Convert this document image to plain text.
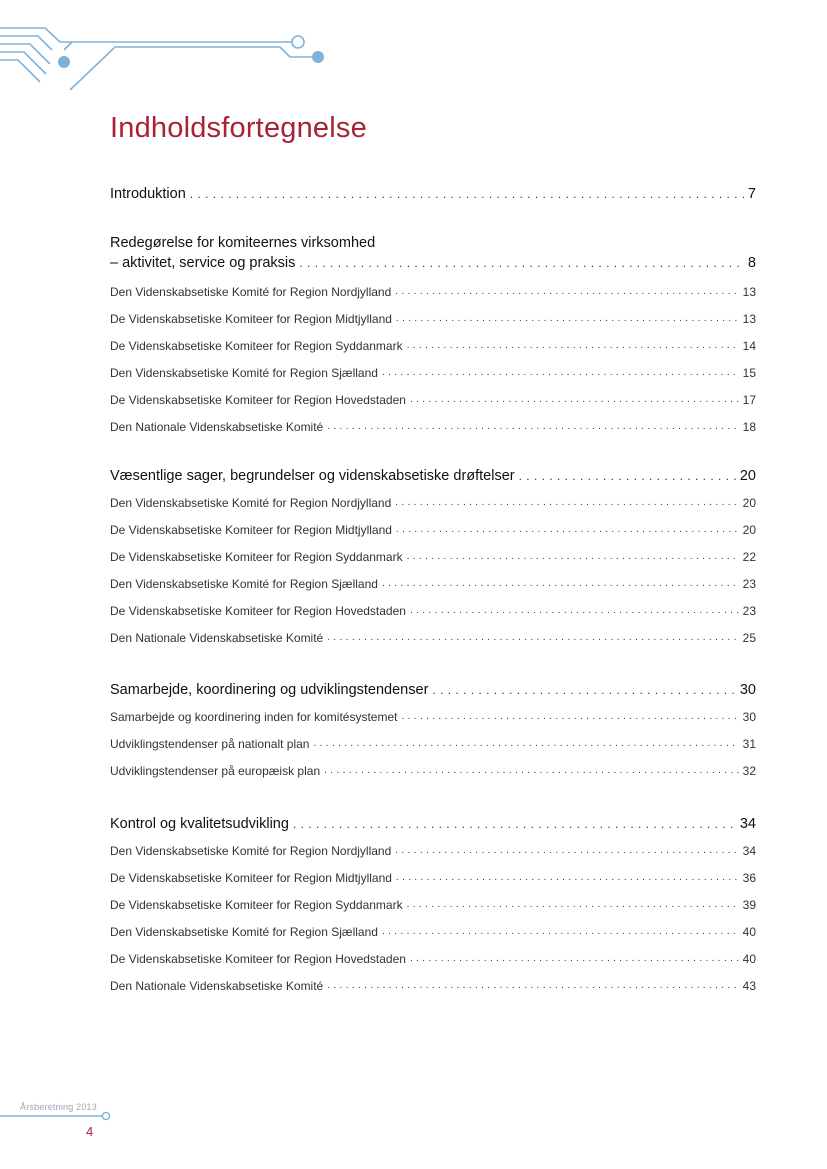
Indholdsfortegnelse
Introduktion . . .	7
Redegørelse for komiteernes virksomhed
– aktivitet, service og praksis . . .	8
Den Videnskabsetiske Komité for Region Nordjylland . . .	13
De Videnskabsetiske Komiteer for Region Midtjylland . . .	13
De Videnskabsetiske Komiteer for Region Syddanmark . . .	14
Den Videnskabsetiske Komité for Region Sjælland . . .	15
De Videnskabsetiske Komiteer for Region Hovedstaden . . .	17
Den Nationale Videnskabsetiske Komité . . .	18
Væsentlige sager, begrundelser og videnskabsetiske drøftelser . . .	20
Den Videnskabsetiske Komité for Region Nordjylland . . .	20
De Videnskabsetiske Komiteer for Region Midtjylland . . .	20
De Videnskabsetiske Komiteer for Region Syddanmark . . .	22
Den Videnskabsetiske Komité for Region Sjælland . . .	23
De Videnskabsetiske Komiteer for Region Hovedstaden . . .	23
Den Nationale Videnskabsetiske Komité . . .	25
Samarbejde, koordinering og udviklingstendenser . . .	30
Samarbejde og koordinering inden for komitésystemet . . .	30
Udviklingstendenser på nationalt plan . . .	31
Udviklingstendenser på europæisk plan . . .	32
Kontrol og kvalitetsudvikling . . .	34
Den Videnskabsetiske Komité for Region Nordjylland . . .	34
De Videnskabsetiske Komiteer for Region Midtjylland . . .	36
De Videnskabsetiske Komiteer for Region Syddanmark . . .	39
Den Videnskabsetiske Komité for Region Sjælland . . .	40
De Videnskabsetiske Komiteer for Region Hovedstaden . . .	40
Den Nationale Videnskabsetiske Komité . . .	43
Årsberetning 2013
4
